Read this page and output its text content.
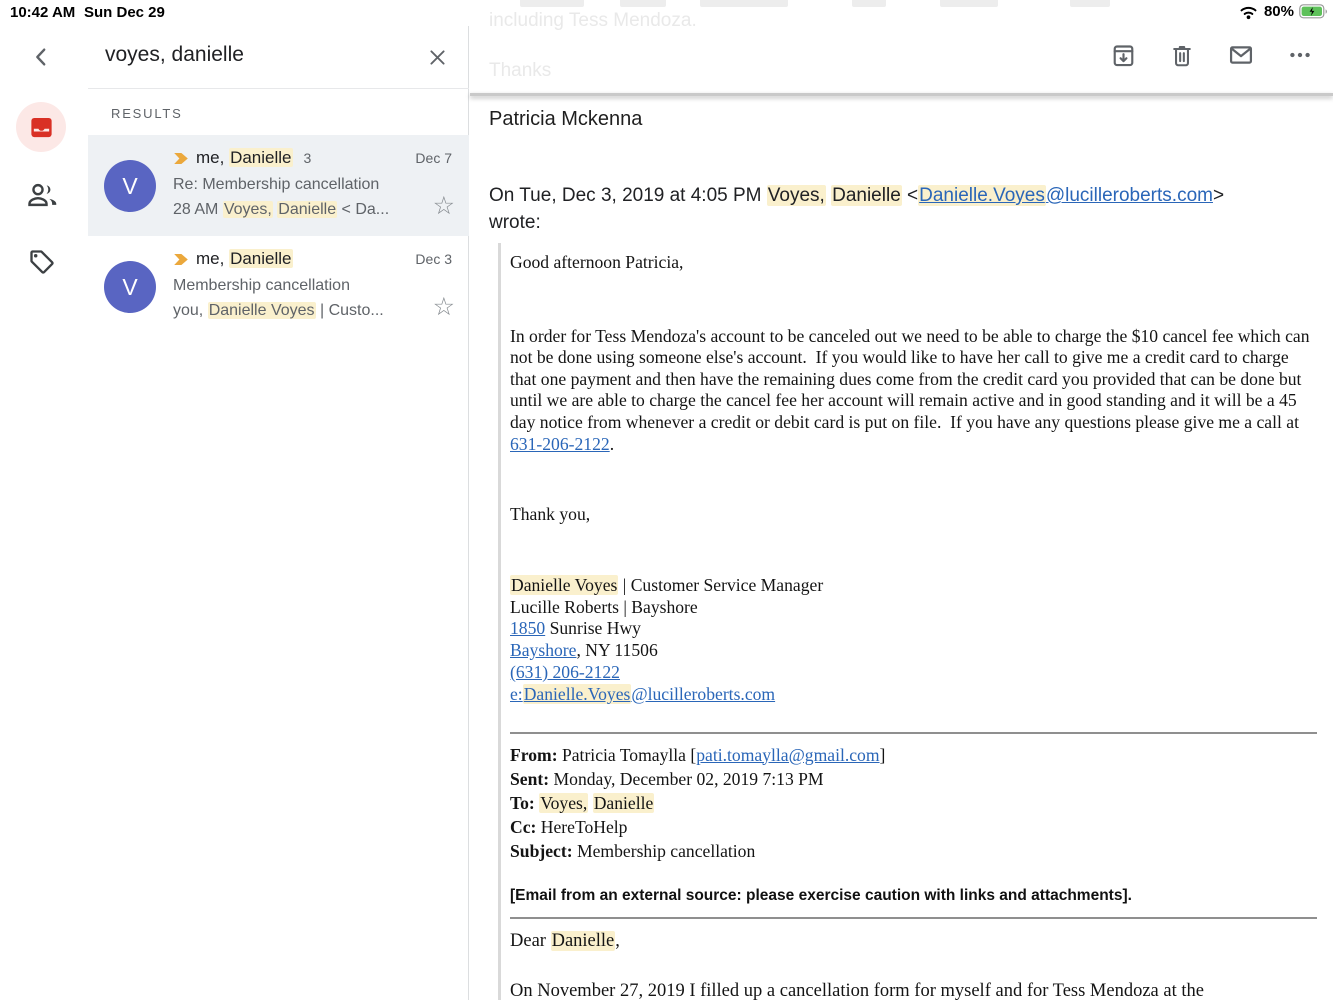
10:42 AM Sun Dec 29	80%
voyes, danielle
RESULTS
V
me, Danielle 3	Dec 7
Re: Membership cancellation
28 AM Voyes, Danielle < Da...	☆
V
me, Danielle	Dec 3
Membership cancellation
you, Danielle Voyes | Custo...	☆
including Tess Mendoza.
Thanks
Patricia Mckenna
On Tue, Dec 3, 2019 at 4:05 PM Voyes, Danielle <Danielle.Voyes@lucilleroberts.com> wrote:

Good afternoon Patricia,

In order for Tess Mendoza's account to be canceled out we need to be able to charge the $10 cancel fee which can not be done using someone else's account.  If you would like to have her call to give me a credit card to charge that one payment and then have the remaining dues come from the credit card you provided that can be done but until we are able to charge the cancel fee her account will remain active and in good standing and it will be a 45 day notice from whenever a credit or debit card is put on file.  If you have any questions please give me a call at 631-206-2122.

Thank you,

Danielle Voyes | Customer Service Manager

Lucille Roberts | Bayshore

1850 Sunrise Hwy

Bayshore, NY 11506

(631) 206-2122

e:Danielle.Voyes@lucilleroberts.com

From: Patricia Tomaylla [pati.tomaylla@gmail.com]

Sent: Monday, December 02, 2019 7:13 PM

To: Voyes, Danielle

Cc: HereToHelp

Subject: Membership cancellation

[Email from an external source: please exercise caution with links and attachments].

Dear Danielle,

On November 27, 2019 I filled up a cancellation form for myself and for Tess Mendoza at the
